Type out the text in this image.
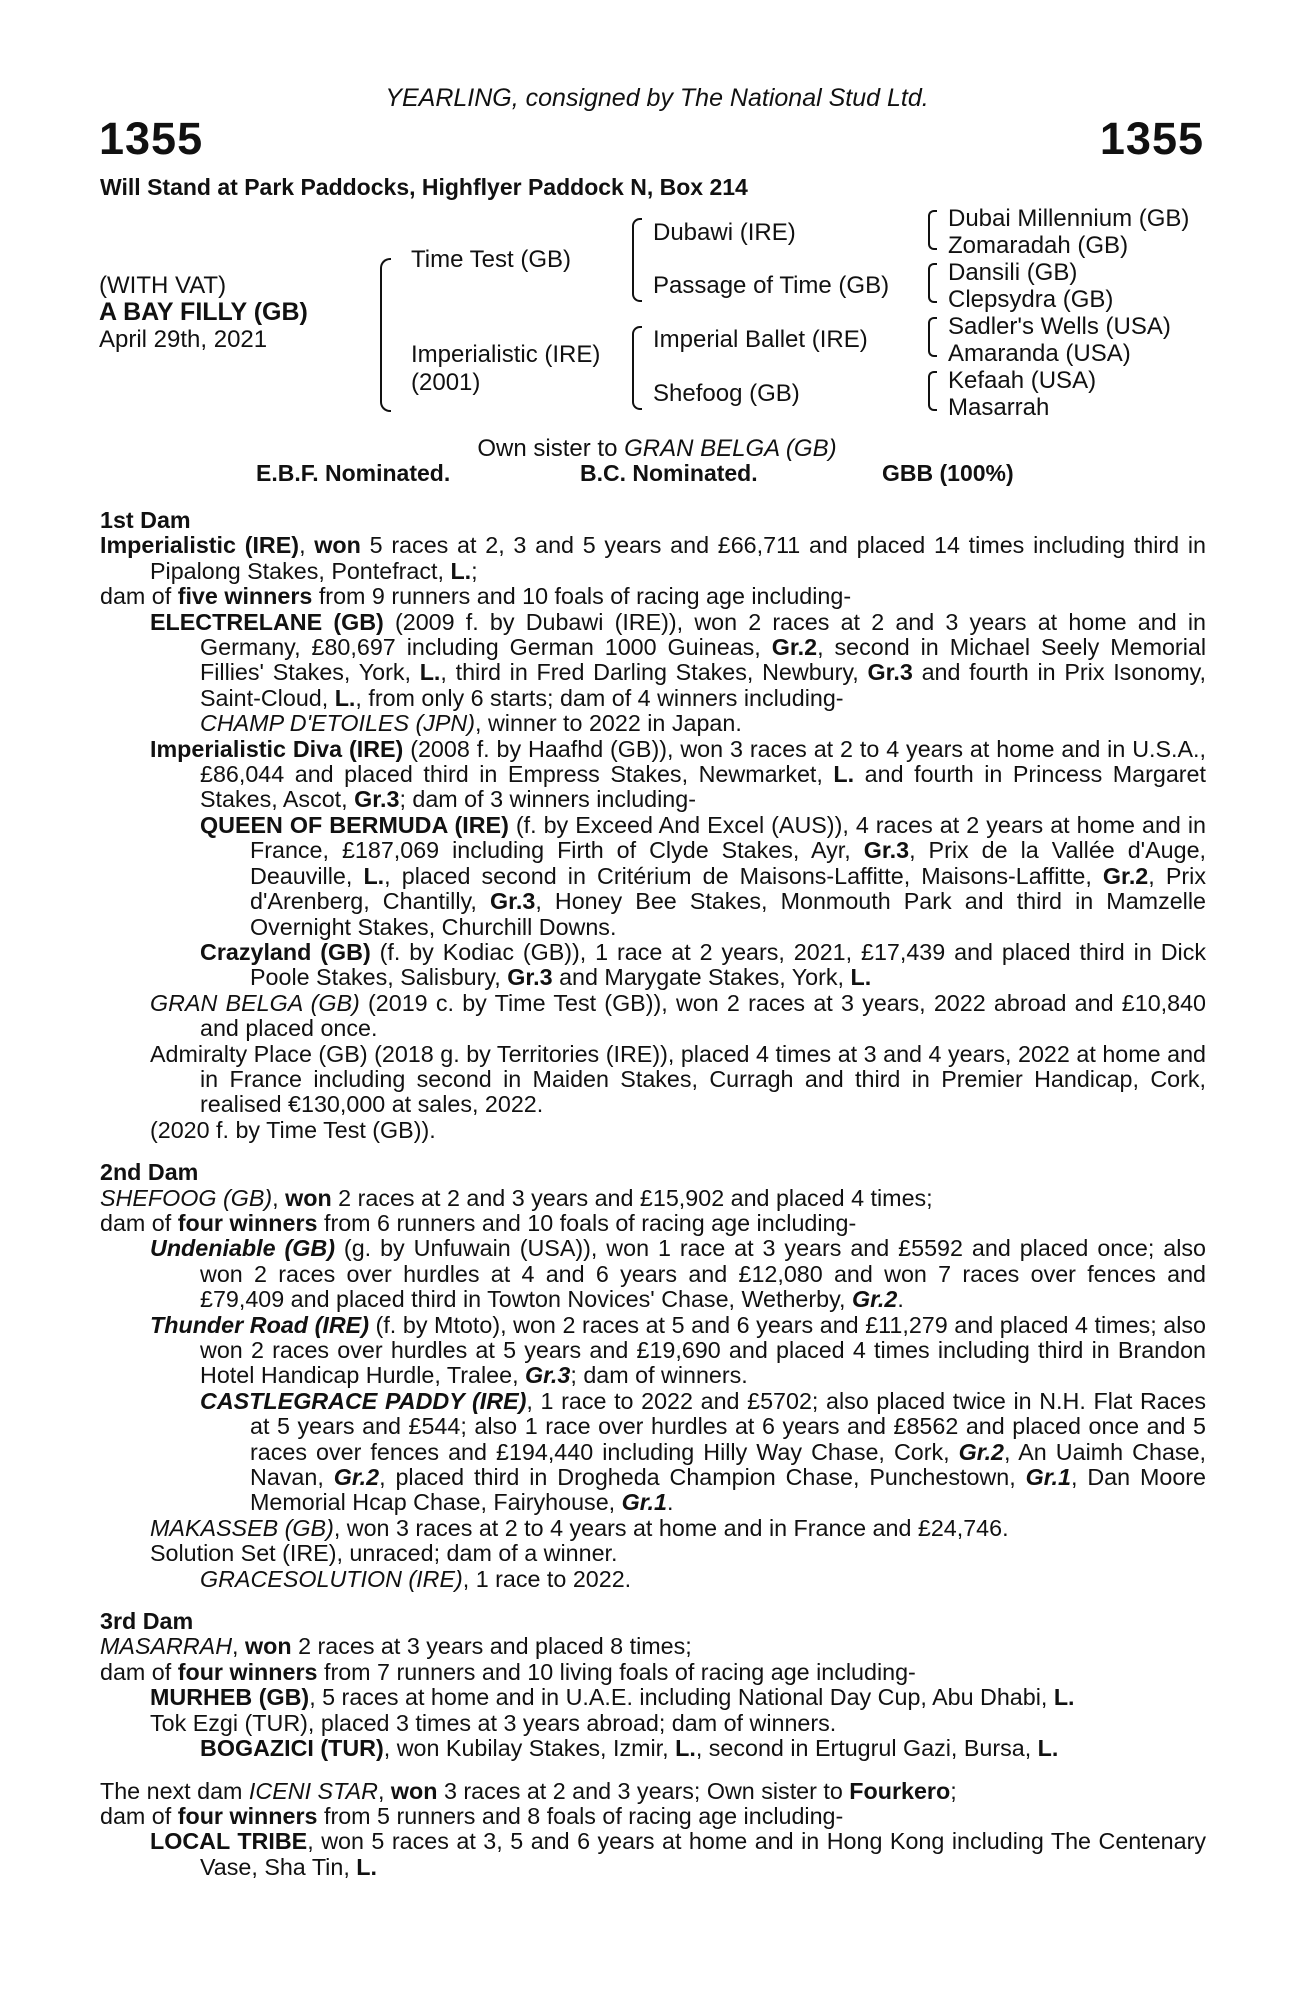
YEARLING, consigned by The National Stud Ltd.
1355	1355
Will Stand at Park Paddocks, Highflyer Paddock N, Box 214
(WITH VAT)
A BAY FILLY (GB)
April 29th, 2021
Time Test (GB)
Imperialistic (IRE)
(2001)
Dubawi (IRE)
Passage of Time (GB)
Imperial Ballet (IRE)
Shefoog (GB)
Dubai Millennium (GB)
Zomaradah (GB)
Dansili (GB)
Clepsydra (GB)
Sadler's Wells (USA)
Amaranda (USA)
Kefaah (USA)
Masarrah
Own sister to GRAN BELGA (GB)
E.B.F. Nominated.	B.C. Nominated.	GBB (100%)
1st Dam
Imperialistic (IRE), won 5 races at 2, 3 and 5 years and £66,711 and placed 14 times including third in Pipalong Stakes, Pontefract, L.;
dam of five winners from 9 runners and 10 foals of racing age including-
ELECTRELANE (GB) (2009 f. by Dubawi (IRE)), won 2 races at 2 and 3 years at home and in Germany, £80,697 including German 1000 Guineas, Gr.2, second in Michael Seely Memorial Fillies' Stakes, York, L., third in Fred Darling Stakes, Newbury, Gr.3 and fourth in Prix Isonomy, Saint-Cloud, L., from only 6 starts; dam of 4 winners including-
CHAMP D'ETOILES (JPN), winner to 2022 in Japan.
Imperialistic Diva (IRE) (2008 f. by Haafhd (GB)), won 3 races at 2 to 4 years at home and in U.S.A., £86,044 and placed third in Empress Stakes, Newmarket, L. and fourth in Princess Margaret Stakes, Ascot, Gr.3; dam of 3 winners including-
QUEEN OF BERMUDA (IRE) (f. by Exceed And Excel (AUS)), 4 races at 2 years at home and in France, £187,069 including Firth of Clyde Stakes, Ayr, Gr.3, Prix de la Vallée d'Auge, Deauville, L., placed second in Critérium de Maisons-Laffitte, Maisons-Laffitte, Gr.2, Prix d'Arenberg, Chantilly, Gr.3, Honey Bee Stakes, Monmouth Park and third in Mamzelle Overnight Stakes, Churchill Downs.
Crazyland (GB) (f. by Kodiac (GB)), 1 race at 2 years, 2021, £17,439 and placed third in Dick Poole Stakes, Salisbury, Gr.3 and Marygate Stakes, York, L.
GRAN BELGA (GB) (2019 c. by Time Test (GB)), won 2 races at 3 years, 2022 abroad and £10,840 and placed once.
Admiralty Place (GB) (2018 g. by Territories (IRE)), placed 4 times at 3 and 4 years, 2022 at home and in France including second in Maiden Stakes, Curragh and third in Premier Handicap, Cork, realised €130,000 at sales, 2022.
(2020 f. by Time Test (GB)).
2nd Dam
SHEFOOG (GB), won 2 races at 2 and 3 years and £15,902 and placed 4 times;
dam of four winners from 6 runners and 10 foals of racing age including-
Undeniable (GB) (g. by Unfuwain (USA)), won 1 race at 3 years and £5592 and placed once; also won 2 races over hurdles at 4 and 6 years and £12,080 and won 7 races over fences and £79,409 and placed third in Towton Novices' Chase, Wetherby, Gr.2.
Thunder Road (IRE) (f. by Mtoto), won 2 races at 5 and 6 years and £11,279 and placed 4 times; also won 2 races over hurdles at 5 years and £19,690 and placed 4 times including third in Brandon Hotel Handicap Hurdle, Tralee, Gr.3; dam of winners.
CASTLEGRACE PADDY (IRE), 1 race to 2022 and £5702; also placed twice in N.H. Flat Races at 5 years and £544; also 1 race over hurdles at 6 years and £8562 and placed once and 5 races over fences and £194,440 including Hilly Way Chase, Cork, Gr.2, An Uaimh Chase, Navan, Gr.2, placed third in Drogheda Champion Chase, Punchestown, Gr.1, Dan Moore Memorial Hcap Chase, Fairyhouse, Gr.1.
MAKASSEB (GB), won 3 races at 2 to 4 years at home and in France and £24,746.
Solution Set (IRE), unraced; dam of a winner.
GRACESOLUTION (IRE), 1 race to 2022.
3rd Dam
MASARRAH, won 2 races at 3 years and placed 8 times;
dam of four winners from 7 runners and 10 living foals of racing age including-
MURHEB (GB), 5 races at home and in U.A.E. including National Day Cup, Abu Dhabi, L.
Tok Ezgi (TUR), placed 3 times at 3 years abroad; dam of winners.
BOGAZICI (TUR), won Kubilay Stakes, Izmir, L., second in Ertugrul Gazi, Bursa, L.
The next dam ICENI STAR, won 3 races at 2 and 3 years; Own sister to Fourkero;
dam of four winners from 5 runners and 8 foals of racing age including-
LOCAL TRIBE, won 5 races at 3, 5 and 6 years at home and in Hong Kong including The Centenary Vase, Sha Tin, L.
